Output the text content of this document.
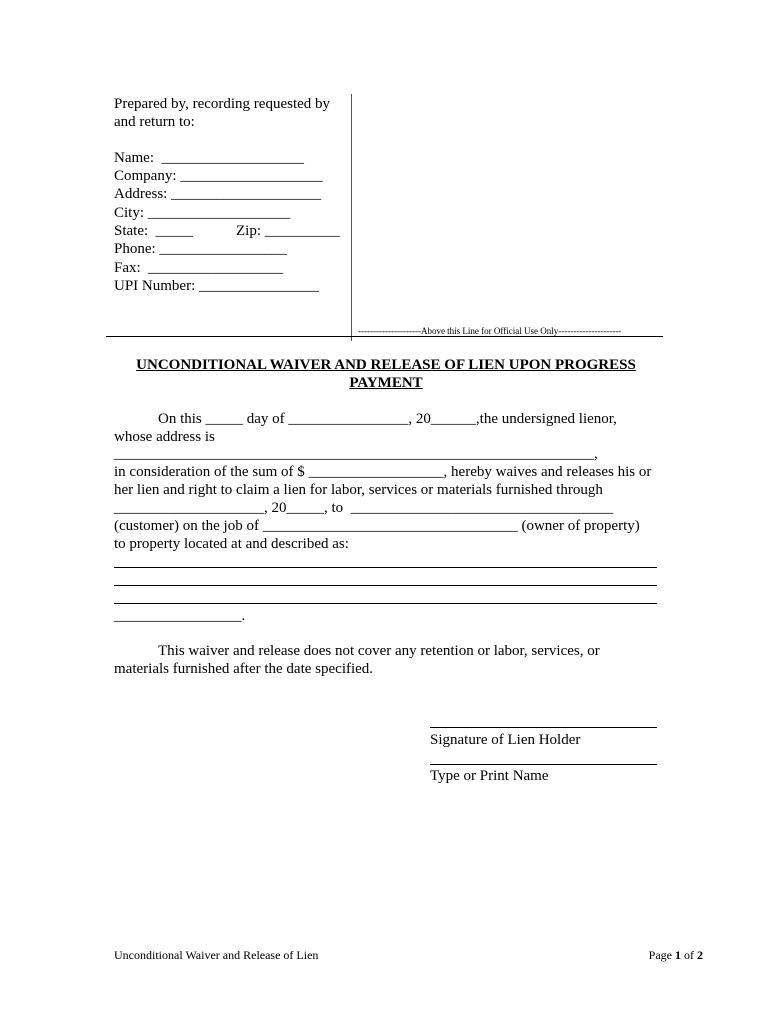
Prepared by, recording requested by
and return to:
Name:  ___________________
Company: ___________________
Address: ____________________
City: ___________________
State:  _____	Zip: __________
Phone: _________________
Fax:  __________________
UPI Number: ________________
---------------------Above this Line for Official Use Only---------------------
UNCONDITIONAL WAIVER AND RELEASE OF LIEN UPON PROGRESS
PAYMENT
On this _____ day of ________________, 20______,the undersigned lienor,
whose address is
________________________________________________________________,
in consideration of the sum of $ __________________, hereby waives and releases his or
her lien and right to claim a lien for labor, services or materials furnished through
____________________, 20_____, to  ___________________________________
(customer) on the job of __________________________________ (owner of property)
to property located at and described as:
_________________.
This waiver and release does not cover any retention or labor, services, or
materials furnished after the date specified.
Signature of Lien Holder
Type or Print Name
Unconditional Waiver and Release of Lien	Page 1 of 2
